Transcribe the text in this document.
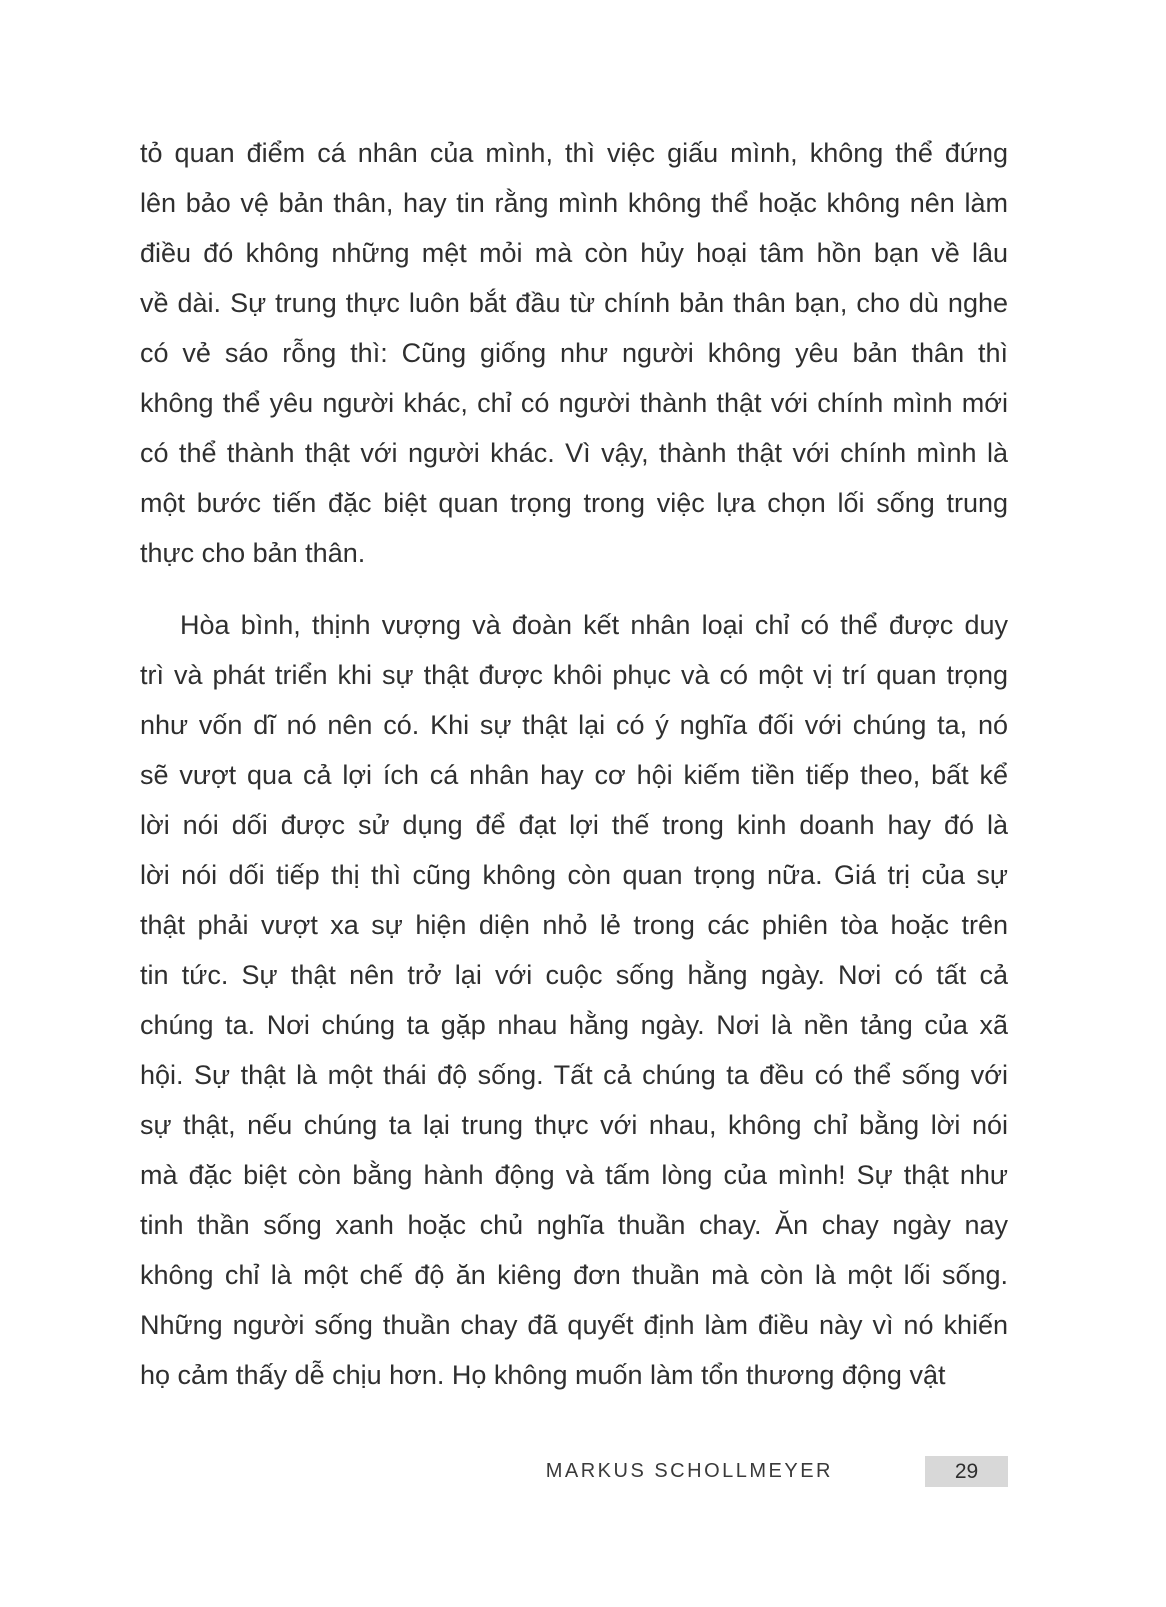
tỏ quan điểm cá nhân của mình, thì việc giấu mình, không thể đứng
lên bảo vệ bản thân, hay tin rằng mình không thể hoặc không nên làm
điều đó không những mệt mỏi mà còn hủy hoại tâm hồn bạn về lâu
về dài. Sự trung thực luôn bắt đầu từ chính bản thân bạn, cho dù nghe
có vẻ sáo rỗng thì: Cũng giống như người không yêu bản thân thì
không thể yêu người khác, chỉ có người thành thật với chính mình mới
có thể thành thật với người khác. Vì vậy, thành thật với chính mình là
một bước tiến đặc biệt quan trọng trong việc lựa chọn lối sống trung
thực cho bản thân.
Hòa bình, thịnh vượng và đoàn kết nhân loại chỉ có thể được duy
trì và phát triển khi sự thật được khôi phục và có một vị trí quan trọng
như vốn dĩ nó nên có. Khi sự thật lại có ý nghĩa đối với chúng ta, nó
sẽ vượt qua cả lợi ích cá nhân hay cơ hội kiếm tiền tiếp theo, bất kể
lời nói dối được sử dụng để đạt lợi thế trong kinh doanh hay đó là
lời nói dối tiếp thị thì cũng không còn quan trọng nữa. Giá trị của sự
thật phải vượt xa sự hiện diện nhỏ lẻ trong các phiên tòa hoặc trên
tin tức. Sự thật nên trở lại với cuộc sống hằng ngày. Nơi có tất cả
chúng ta. Nơi chúng ta gặp nhau hằng ngày. Nơi là nền tảng của xã
hội. Sự thật là một thái độ sống. Tất cả chúng ta đều có thể sống với
sự thật, nếu chúng ta lại trung thực với nhau, không chỉ bằng lời nói
mà đặc biệt còn bằng hành động và tấm lòng của mình! Sự thật như
tinh thần sống xanh hoặc chủ nghĩa thuần chay. Ăn chay ngày nay
không chỉ là một chế độ ăn kiêng đơn thuần mà còn là một lối sống.
Những người sống thuần chay đã quyết định làm điều này vì nó khiến
họ cảm thấy dễ chịu hơn. Họ không muốn làm tổn thương động vật
MARKUS SCHOLLMEYER	29
